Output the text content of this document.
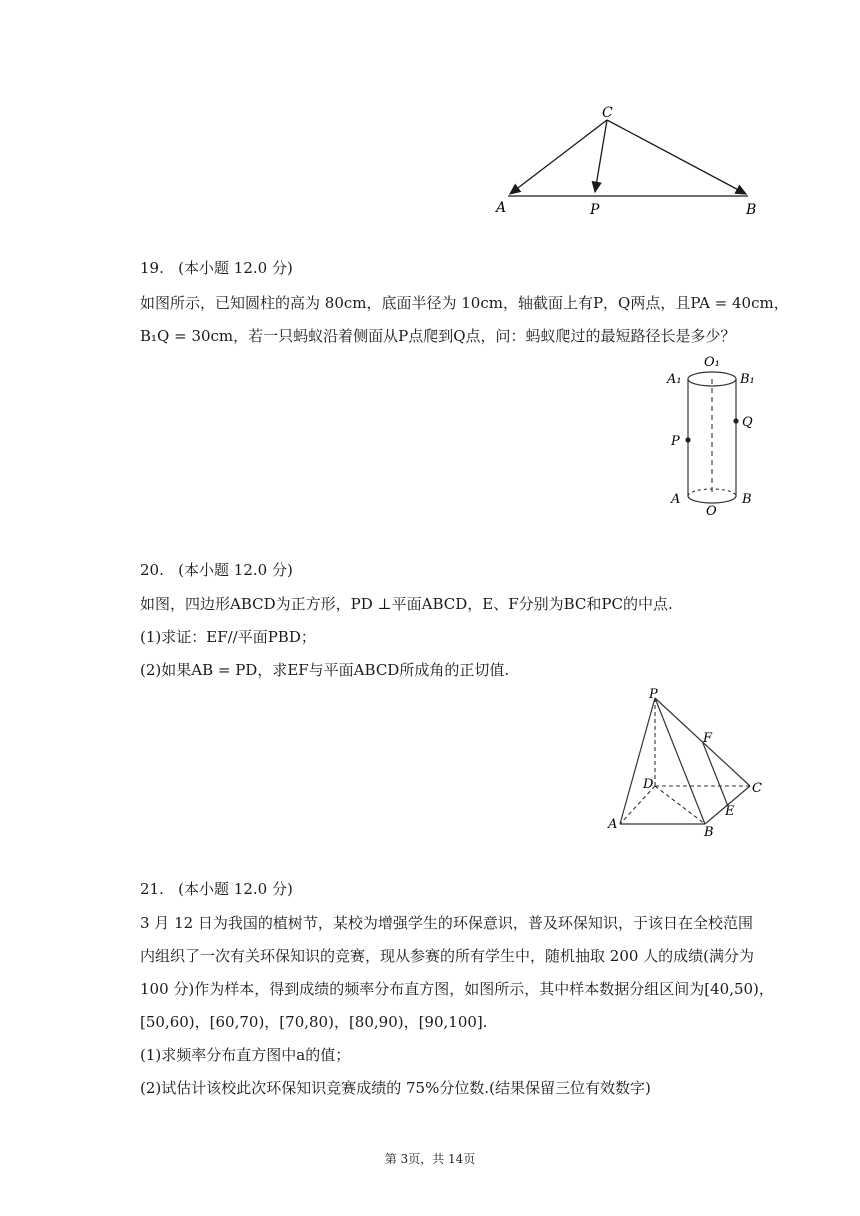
C
A	P	B
19.   (本小题 12.0 分)
如图所示，已知圆柱的高为 80cm，底面半径为 10cm，轴截面上有P，Q两点，且PA = 40cm，
B₁Q = 30cm，若一只蚂蚁沿着侧面从P点爬到Q点，问：蚂蚁爬过的最短路径长是多少？
O₁
A₁	B₁
Q
P
A	B
O
20.   (本小题 12.0 分)
如图，四边形ABCD为正方形，PD ⊥平面ABCD，E、F分别为BC和PC的中点.
(1)求证：EF//平面PBD；
(2)如果AB = PD，求EF与平面ABCD所成角的正切值.
P
F
D	C
E
A
B
21.   (本小题 12.0 分)
3 月 12 日为我国的植树节，某校为增强学生的环保意识，普及环保知识，于该日在全校范围
内组织了一次有关环保知识的竞赛，现从参赛的所有学生中，随机抽取 200 人的成绩(满分为
100 分)作为样本，得到成绩的频率分布直方图，如图所示，其中样本数据分组区间为[40,50)，
[50,60)，[60,70)，[70,80)，[80,90)，[90,100].
(1)求频率分布直方图中a的值；
(2)试估计该校此次环保知识竞赛成绩的 75%分位数.(结果保留三位有效数字)
第 3页，共 14页
